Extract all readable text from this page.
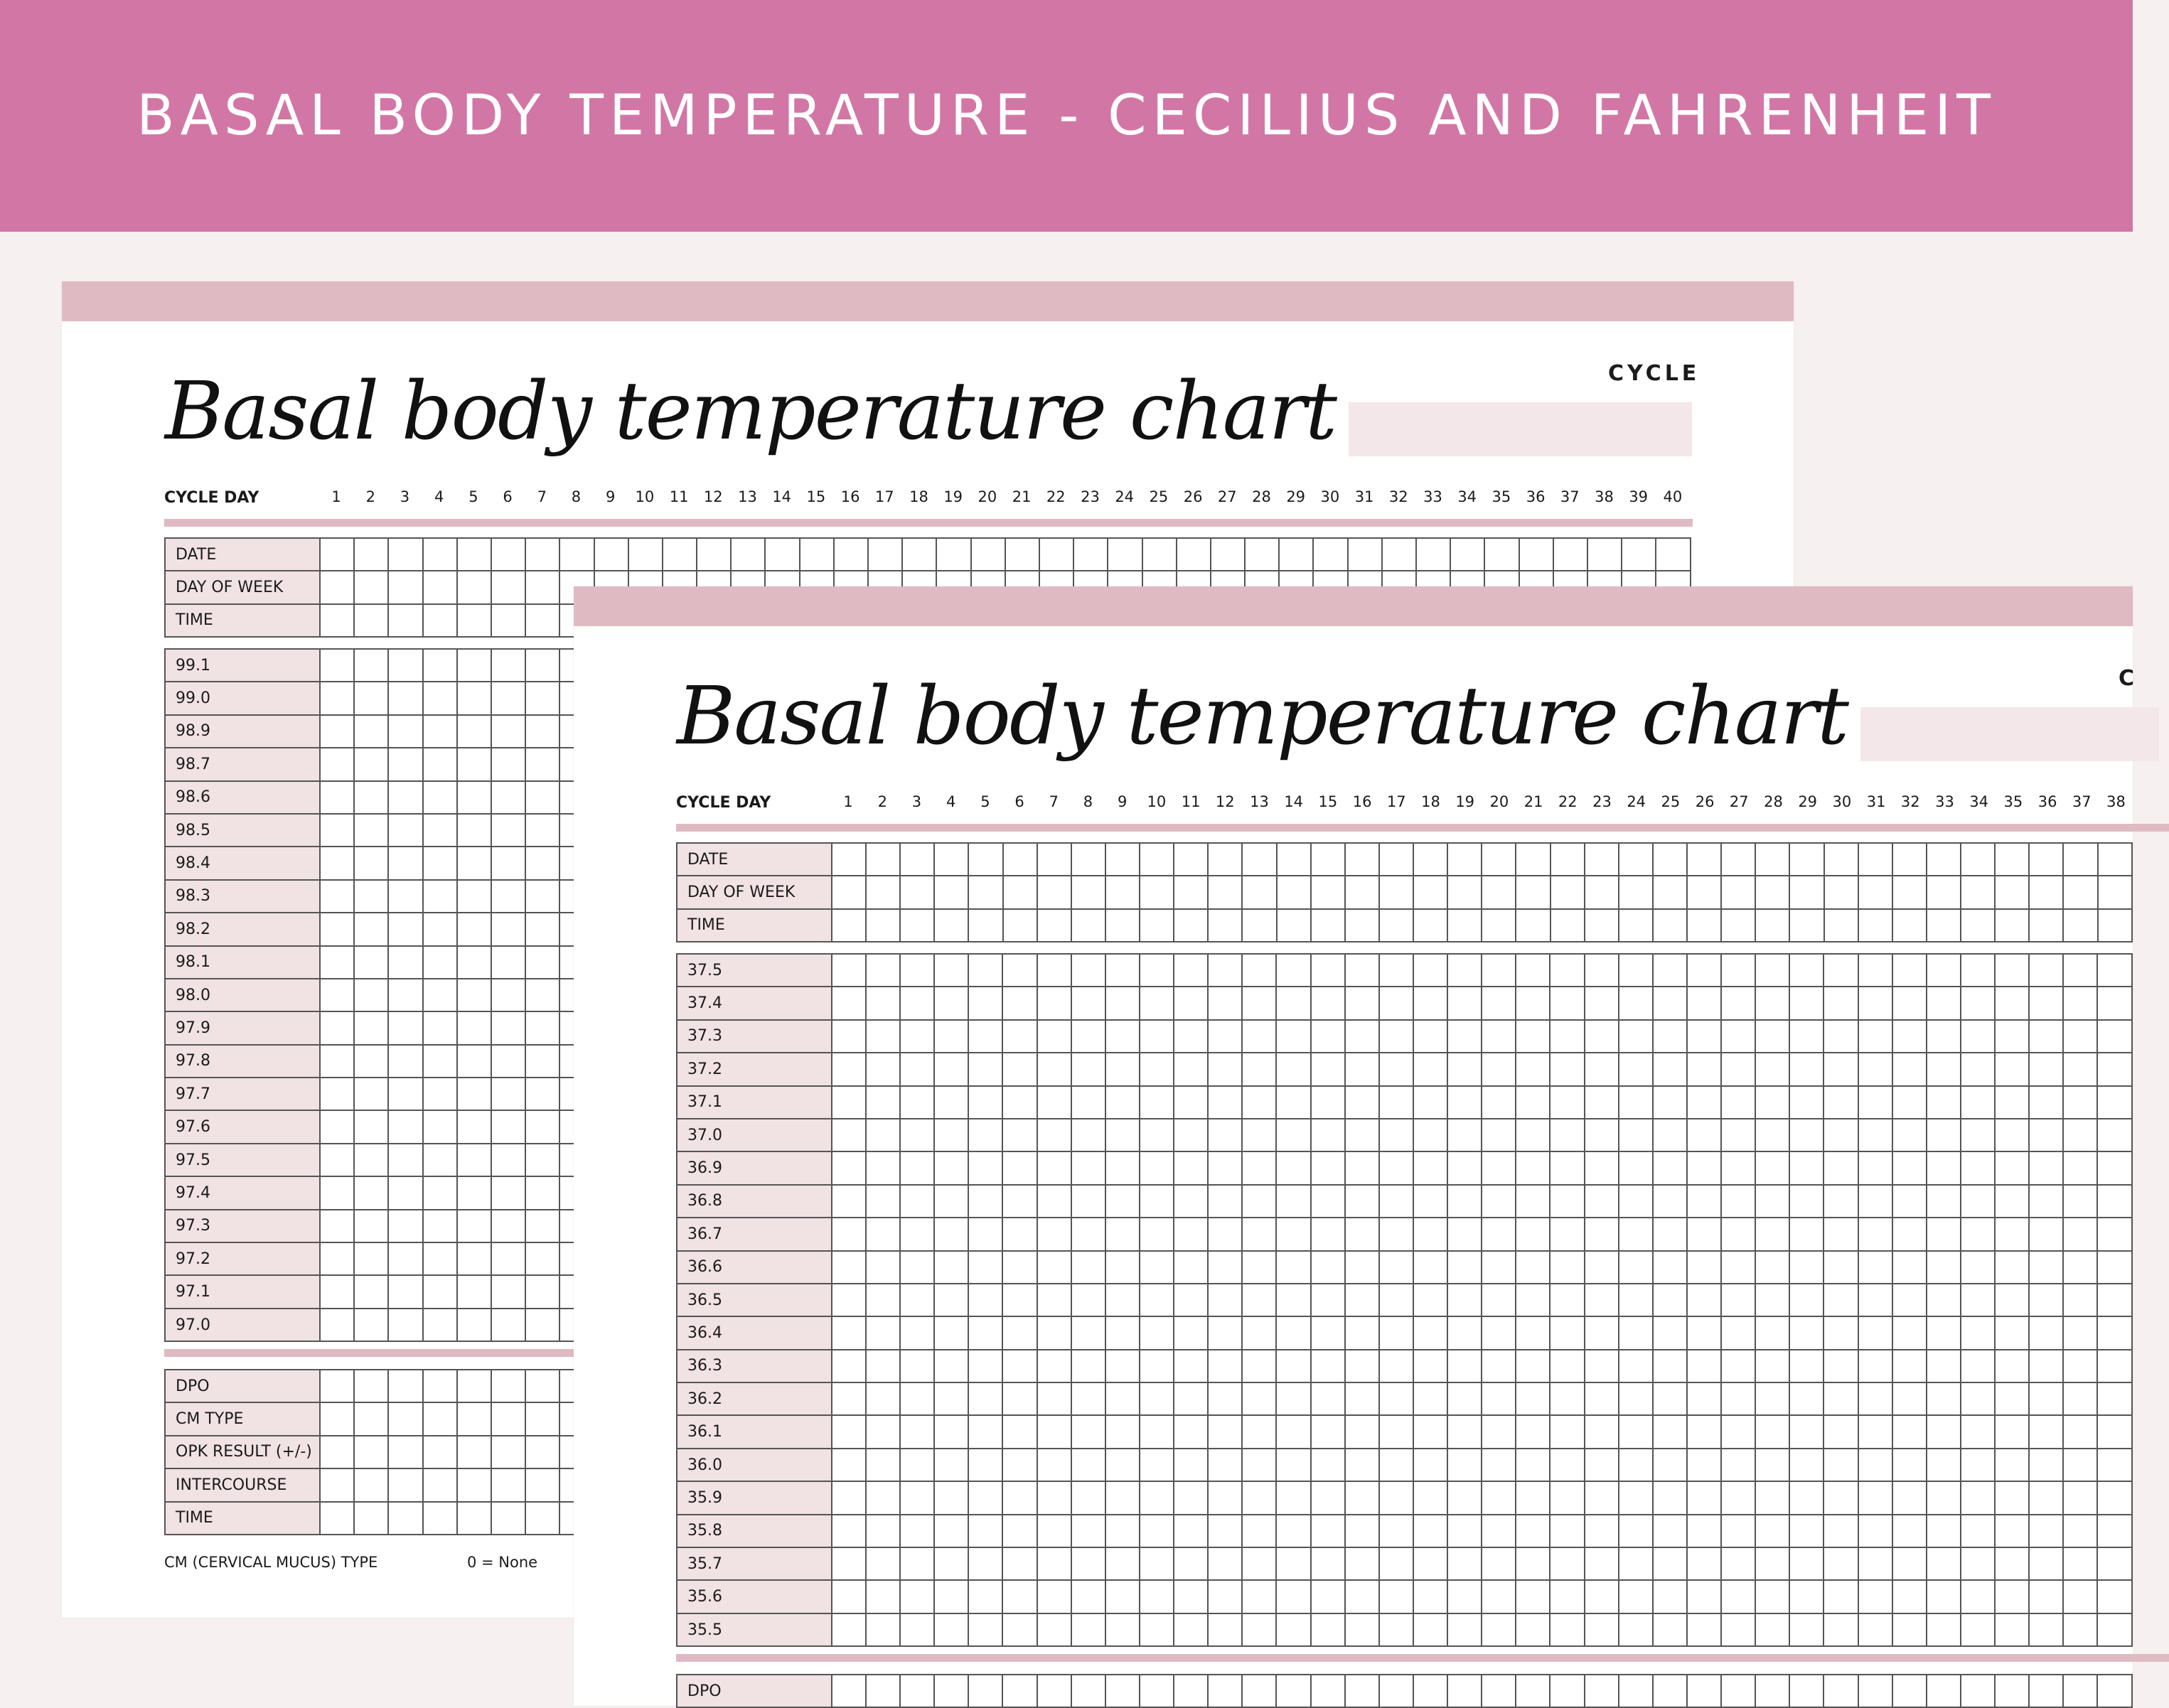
BASAL BODY TEMPERATURE - CECILIUS AND FAHRENHEIT
Basal body temperature chart	CYCLE
CYCLE DAY	1	2	3	4	5	6	7	8	9	10	11	12	13	14	15	16	17	18	19	20	21	22	23	24	25	26	27	28	29	30	31	32	33	34	35	36	37	38	39	40
DATE																																								
DAY OF WEEK																																								
TIME																																								
99.1																																								
99.0																																								
98.9																																								
98.7																																								
98.6																																								
98.5																																								
98.4																																								
98.3																																								
98.2																																								
98.1																																								
98.0																																								
97.9																																								
97.8																																								
97.7																																								
97.6																																								
97.5																																								
97.4																																								
97.3																																								
97.2																																								
97.1																																								
97.0																																								
DPO																																								
CM TYPE																																								
OPK RESULT (+/-)																																								
INTERCOURSE																																								
TIME																																								
CM (CERVICAL MUCUS) TYPE	0 = None
Basal body temperature chart	C
CYCLE DAY	1	2	3	4	5	6	7	8	9	10	11	12	13	14	15	16	17	18	19	20	21	22	23	24	25	26	27	28	29	30	31	32	33	34	35	36	37	38
DATE																																						
DAY OF WEEK																																						
TIME																																						
37.5																																						
37.4																																						
37.3																																						
37.2																																						
37.1																																						
37.0																																						
36.9																																						
36.8																																						
36.7																																						
36.6																																						
36.5																																						
36.4																																						
36.3																																						
36.2																																						
36.1																																						
36.0																																						
35.9																																						
35.8																																						
35.7																																						
35.6																																						
35.5																																						
DPO																																						
